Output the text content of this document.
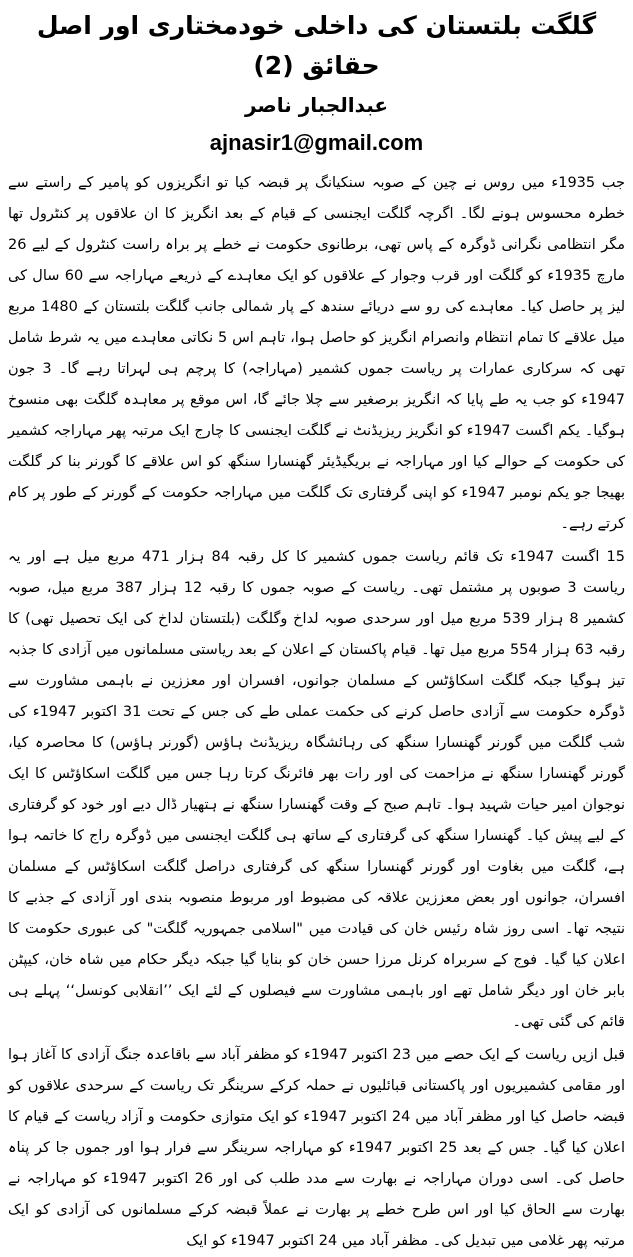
گلگت بلتستان کی داخلی خودمختاری اور اصل حقائق (2)
عبدالجبار ناصر
ajnasir1@gmail.com

جب 1935ء میں روس نے چین کے صوبہ سنکیانگ پر قبضہ کیا تو انگریزوں کو پامیر کے راستے سے خطرہ محسوس ہونے لگا۔ اگرچہ گلگت ایجنسی کے قیام کے بعد انگریز کا ان علاقوں پر کنٹرول تھا مگر انتظامی نگرانی ڈوگرہ کے پاس تھی، برطانوی حکومت نے خطے پر براہ راست کنٹرول کے لیے 26 مارچ 1935ء کو گلگت اور قرب وجوار کے علاقوں کو ایک معاہدے کے ذریعے مہاراجہ سے 60 سال کی لیز پر حاصل کیا۔ معاہدے کی رو سے دریائے سندھ کے پار شمالی جانب گلگت بلتستان کے 1480 مربع میل علاقے کا تمام انتظام وانصرام انگریز کو حاصل ہوا، تاہم اس 5 نکاتی معاہدے میں یہ شرط شامل تھی کہ سرکاری عمارات پر ریاست جموں کشمیر (مہاراجہ) کا پرچم ہی لہراتا رہے گا۔ 3 جون 1947ء کو جب یہ طے پایا کہ انگریز برصغیر سے چلا جائے گا، اس موقع پر معاہدہ گلگت بھی منسوخ ہوگیا۔ یکم اگست 1947ء کو انگریز ریزیڈنٹ نے گلگت ایجنسی کا چارج ایک مرتبہ پھر مہاراجہ کشمیر کی حکومت کے حوالے کیا اور مہاراجہ نے بریگیڈیئر گھنسارا سنگھ کو اس علاقے کا گورنر بنا کر گلگت بھیجا جو یکم نومبر 1947ء کو اپنی گرفتاری تک گلگت میں مہاراجہ حکومت کے گورنر کے طور پر کام کرتے رہے۔

15 اگست 1947ء تک قائم ریاست جموں کشمیر کا کل رقبہ 84 ہزار 471 مربع میل ہے اور یہ ریاست 3 صوبوں پر مشتمل تھی۔ ریاست کے صوبہ جموں کا رقبہ 12 ہزار 387 مربع میل، صوبہ کشمیر 8 ہزار 539 مربع میل اور سرحدی صوبہ لداخ وگلگت (بلتستان لداخ کی ایک تحصیل تھی) کا رقبہ 63 ہزار 554 مربع میل تھا۔ قیام پاکستان کے اعلان کے بعد ریاستی مسلمانوں میں آزادی کا جذبہ تیز ہوگیا جبکہ گلگت اسکاؤٹس کے مسلمان جوانوں، افسران اور معززین نے باہمی مشاورت سے ڈوگرہ حکومت سے آزادی حاصل کرنے کی حکمت عملی طے کی جس کے تحت 31 اکتوبر 1947ء کی شب گلگت میں گورنر گھنسارا سنگھ کی رہائشگاہ ریزیڈنٹ ہاؤس (گورنر ہاؤس) کا محاصرہ کیا، گورنر گھنسارا سنگھ نے مزاحمت کی اور رات بھر فائرنگ کرتا رہا جس میں گلگت اسکاؤٹس کا ایک نوجوان امیر حیات شہید ہوا۔ تاہم صبح کے وقت گھنسارا سنگھ نے ہتھیار ڈال دیے اور خود کو گرفتاری کے لیے پیش کیا۔ گھنسارا سنگھ کی گرفتاری کے ساتھ ہی گلگت ایجنسی میں ڈوگرہ راج کا خاتمہ ہوا ہے، گلگت میں بغاوت اور گورنر گھنسارا سنگھ کی گرفتاری دراصل گلگت اسکاؤٹس کے مسلمان افسران، جوانوں اور بعض معززین علاقہ کی مضبوط اور مربوط منصوبہ بندی اور آزادی کے جذبے کا نتیجہ تھا۔ اسی روز شاہ رئیس خان کی قیادت میں "اسلامی جمہوریہ گلگت" کی عبوری حکومت کا اعلان کیا گیا۔ فوج کے سربراہ کرنل مرزا حسن خان کو بنایا گیا جبکہ دیگر حکام میں شاہ خان، کیپٹن بابر خان اور دیگر شامل تھے اور باہمی مشاورت سے فیصلوں کے لئے ایک ’’انقلابی کونسل‘‘ پہلے ہی قائم کی گئی تھی۔

قبل ازیں ریاست کے ایک حصے میں 23 اکتوبر 1947ء کو مظفر آباد سے باقاعدہ جنگ آزادی کا آغاز ہوا اور مقامی کشمیریوں اور پاکستانی قبائلیوں نے حملہ کرکے سرینگر تک ریاست کے سرحدی علاقوں کو قبضہ حاصل کیا اور مظفر آباد میں 24 اکتوبر 1947ء کو ایک متوازی حکومت و آزاد ریاست کے قیام کا اعلان کیا گیا۔ جس کے بعد 25 اکتوبر 1947ء کو مہاراجہ سرینگر سے فرار ہوا اور جموں جا کر پناہ حاصل کی۔ اسی دوران مہاراجہ نے بھارت سے مدد طلب کی اور 26 اکتوبر 1947ء کو مہاراجہ نے بھارت سے الحاق کیا اور اس طرح خطے پر بھارت نے عملاً قبضہ کرکے مسلمانوں کی آزادی کو ایک مرتبہ پھر غلامی میں تبدیل کی۔ مظفر آباد میں 24 اکتوبر 1947ء کو ایک
